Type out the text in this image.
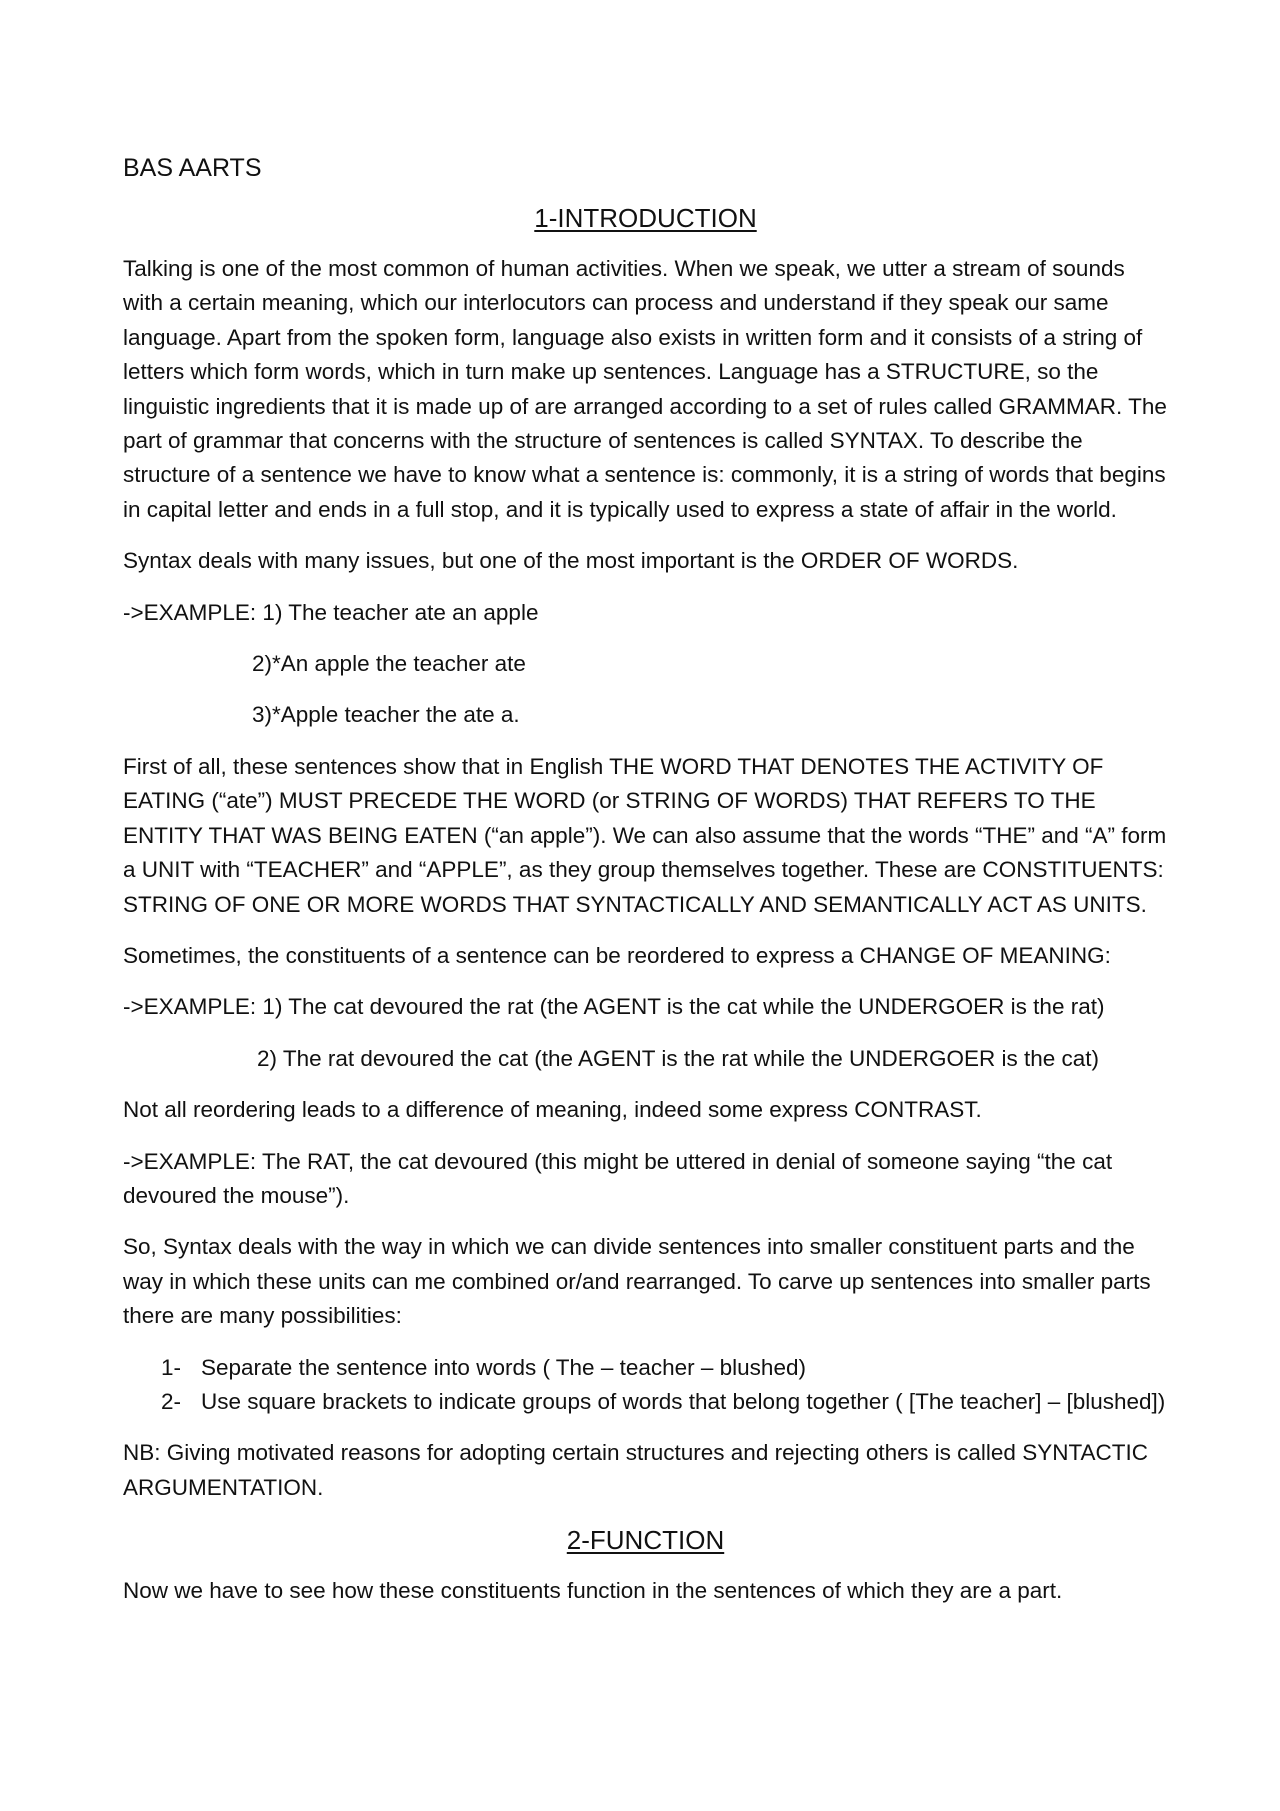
BAS AARTS

1-INTRODUCTION

Talking is one of the most common of human activities. When we speak, we utter a stream of sounds with a certain meaning, which our interlocutors can process and understand if they speak our same language. Apart from the spoken form, language also exists in written form and it consists of a string of letters which form words, which in turn make up sentences. Language has a STRUCTURE, so the linguistic ingredients that it is made up of are arranged according to a set of rules called GRAMMAR. The part of grammar that concerns with the structure of sentences is called SYNTAX. To describe the structure of a sentence we have to know what a sentence is: commonly, it is a string of words that begins in capital letter and ends in a full stop, and it is typically used to express a state of affair in the world.

Syntax deals with many issues, but one of the most important is the ORDER OF WORDS.

->EXAMPLE: 1) The teacher ate an apple

2)*An apple the teacher ate

3)*Apple teacher the ate a.

First of all, these sentences show that in English THE WORD THAT DENOTES THE ACTIVITY OF EATING (“ate”) MUST PRECEDE THE WORD (or STRING OF WORDS) THAT REFERS TO THE ENTITY THAT WAS BEING EATEN (“an apple”). We can also assume that the words “THE” and “A” form a UNIT with “TEACHER” and “APPLE”, as they group themselves together. These are CONSTITUENTS: STRING OF ONE OR MORE WORDS THAT SYNTACTICALLY AND SEMANTICALLY ACT AS UNITS.

Sometimes, the constituents of a sentence can be reordered to express a CHANGE OF MEANING:

->EXAMPLE: 1) The cat devoured the rat (the AGENT is the cat while the UNDERGOER is the rat)

2) The rat devoured the cat (the AGENT is the rat while the UNDERGOER is the cat)

Not all reordering leads to a difference of meaning, indeed some express CONTRAST.

->EXAMPLE: The RAT, the cat devoured (this might be uttered in denial of someone saying “the cat devoured the mouse”).

So, Syntax deals with the way in which we can divide sentences into smaller constituent parts and the way in which these units can me combined or/and rearranged. To carve up sentences into smaller parts there are many possibilities:

1- Separate the sentence into words ( The – teacher – blushed)
2- Use square brackets to indicate groups of words that belong together ( [The teacher] – [blushed])

NB: Giving motivated reasons for adopting certain structures and rejecting others is called SYNTACTIC ARGUMENTATION.

2-FUNCTION

Now we have to see how these constituents function in the sentences of which they are a part.
